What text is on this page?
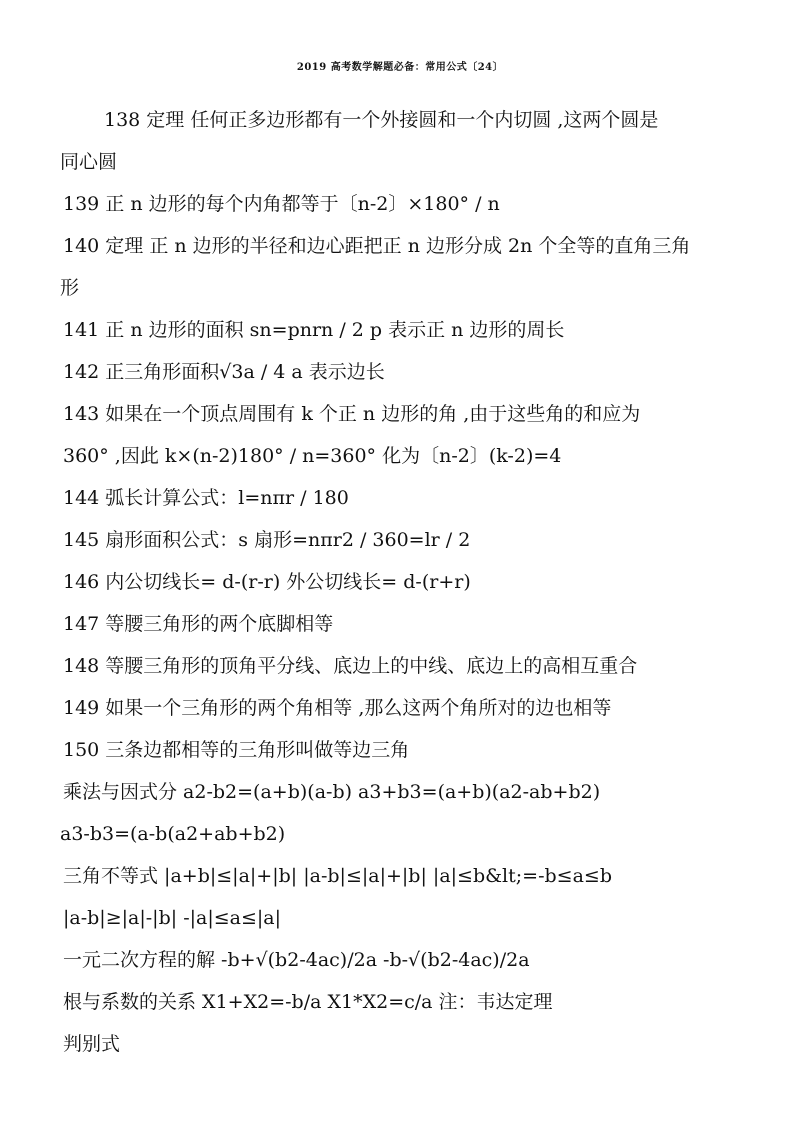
2019 高考数学解题必备：常用公式〔24〕
138 定理 任何正多边形都有一个外接圆和一个内切圆 ,这两个圆是
同心圆
139 正 n 边形的每个内角都等于〔n-2〕×180° / n
140 定理 正 n 边形的半径和边心距把正 n 边形分成 2n 个全等的直角三角
形
141 正 n 边形的面积 sn=pnrn / 2 p 表示正 n 边形的周长
142 正三角形面积√3a / 4 a 表示边长
143 如果在一个顶点周围有 k 个正 n 边形的角 ,由于这些角的和应为
360° ,因此 k×(n-2)180° / n=360° 化为〔n-2〕(k-2)=4
144 弧长计算公式：l=nπr / 180
145 扇形面积公式：s 扇形=nπr2 / 360=lr / 2
146 内公切线长= d-(r-r) 外公切线长= d-(r+r)
147 等腰三角形的两个底脚相等
148 等腰三角形的顶角平分线、底边上的中线、底边上的高相互重合
149 如果一个三角形的两个角相等 ,那么这两个角所对的边也相等
150 三条边都相等的三角形叫做等边三角
乘法与因式分 a2-b2=(a+b)(a-b) a3+b3=(a+b)(a2-ab+b2)
a3-b3=(a-b(a2+ab+b2)
三角不等式 |a+b|≤|a|+|b| |a-b|≤|a|+|b| |a|≤b&lt;=-b≤a≤b
|a-b|≥|a|-|b| -|a|≤a≤|a|
一元二次方程的解 -b+√(b2-4ac)/2a -b-√(b2-4ac)/2a
根与系数的关系 X1+X2=-b/a X1*X2=c/a 注：韦达定理
判别式
